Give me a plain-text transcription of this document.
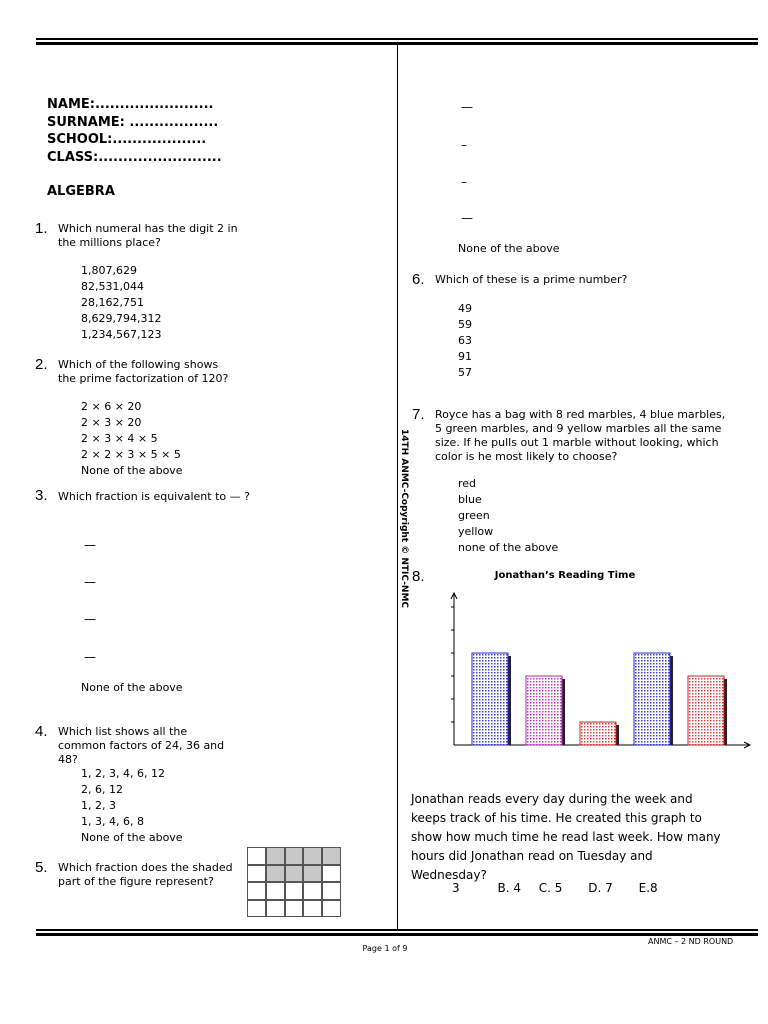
NAME:........................
SURNAME: ..................
SCHOOL:...................
CLASS:.........................
ALGEBRA
1. Which numeral has the digit 2 in the millions place?
1,807,629
82,531,044
28,162,751
8,629,794,312
1,234,567,123
2. Which of the following shows the prime factorization of 120?
2 × 6 × 20
2 × 3 × 20
2 × 3 × 4 × 5
2 × 2 × 3 × 5 × 5
None of the above
3. Which fraction is equivalent to — ?
—
—
—
—
None of the above
4. Which list shows all the common factors of 24, 36 and 48?
1, 2, 3, 4, 6, 12
2, 6, 12
1, 2, 3
1, 3, 4, 6, 8
None of the above
5. Which fraction does the shaded part of the figure represent?
—
–
–
—
None of the above
6. Which of these is a prime number?
49
59
63
91
57
7. Royce has a bag with 8 red marbles, 4 blue marbles, 5 green marbles, and 9 yellow marbles all the same size. If he pulls out 1 marble without looking, which color is he most likely to choose?
red
blue
green
yellow
none of the above
8.	Jonathan’s Reading Time
Jonathan reads every day during the week and keeps track of his time. He created this graph to show how much time he read last week. How many hours did Jonathan read on Tuesday and Wednesday?
3	B. 4 C. 5 D. 7 E.8
14TH ANMC-Copyright © NTIC-NMC
Page 1 of 9
ANMC – 2 ND ROUND
